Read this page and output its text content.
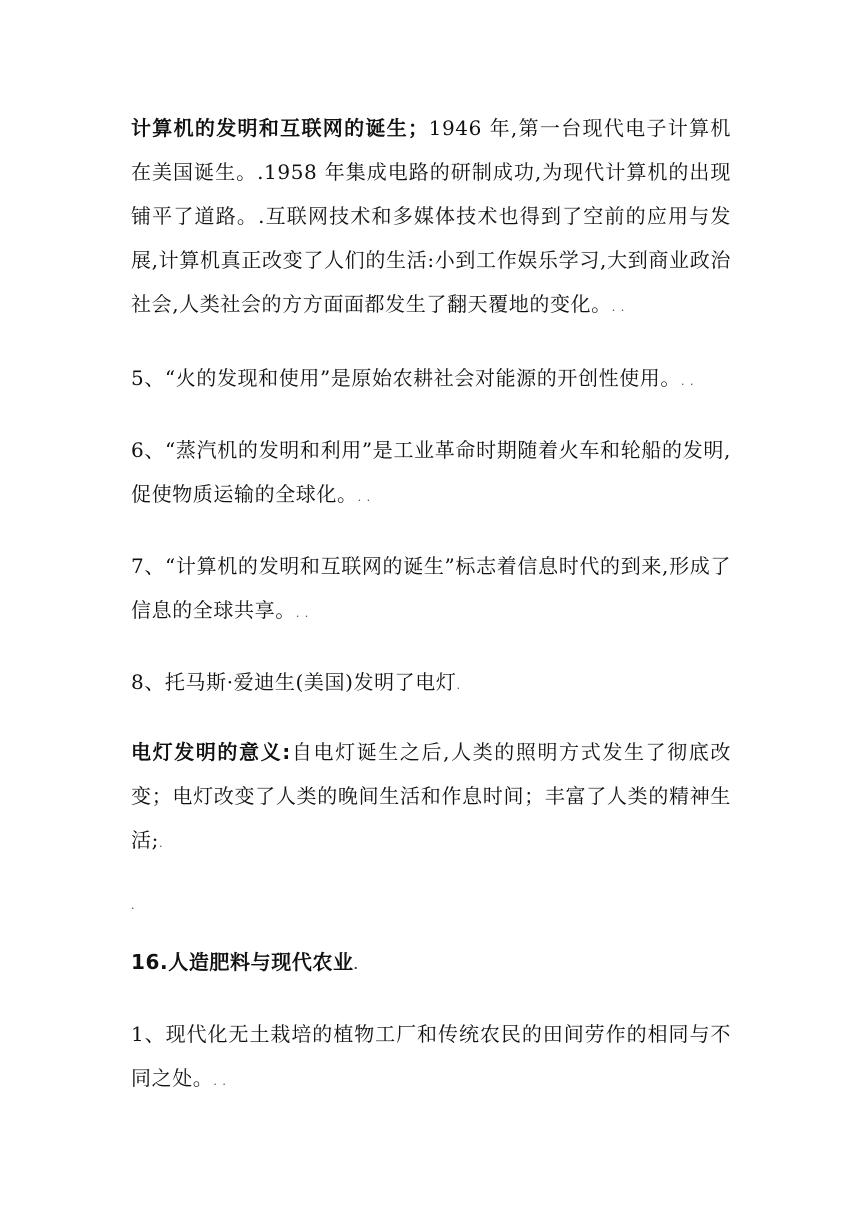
计算机的发明和互联网的诞生；1946 年,第一台现代电子计算机在美国诞生。.1958 年集成电路的研制成功,为现代计算机的出现铺平了道路。.互联网技术和多媒体技术也得到了空前的应用与发展,计算机真正改变了人们的生活:小到工作娱乐学习,大到商业政治社会,人类社会的方方面面都发生了翻天覆地的变化。. .

5、“火的发现和使用”是原始农耕社会对能源的开创性使用。. .

6、“蒸汽机的发明和利用”是工业革命时期随着火车和轮船的发明,促使物质运输的全球化。. .

7、“计算机的发明和互联网的诞生”标志着信息时代的到来,形成了信息的全球共享。. .

8、托马斯·爱迪生(美国)发明了电灯.

电灯发明的意义:自电灯诞生之后,人类的照明方式发生了彻底改变；电灯改变了人类的晚间生活和作息时间；丰富了人类的精神生活;.

.

16.人造肥料与现代农业.

1、现代化无土栽培的植物工厂和传统农民的田间劳作的相同与不同之处。. .
